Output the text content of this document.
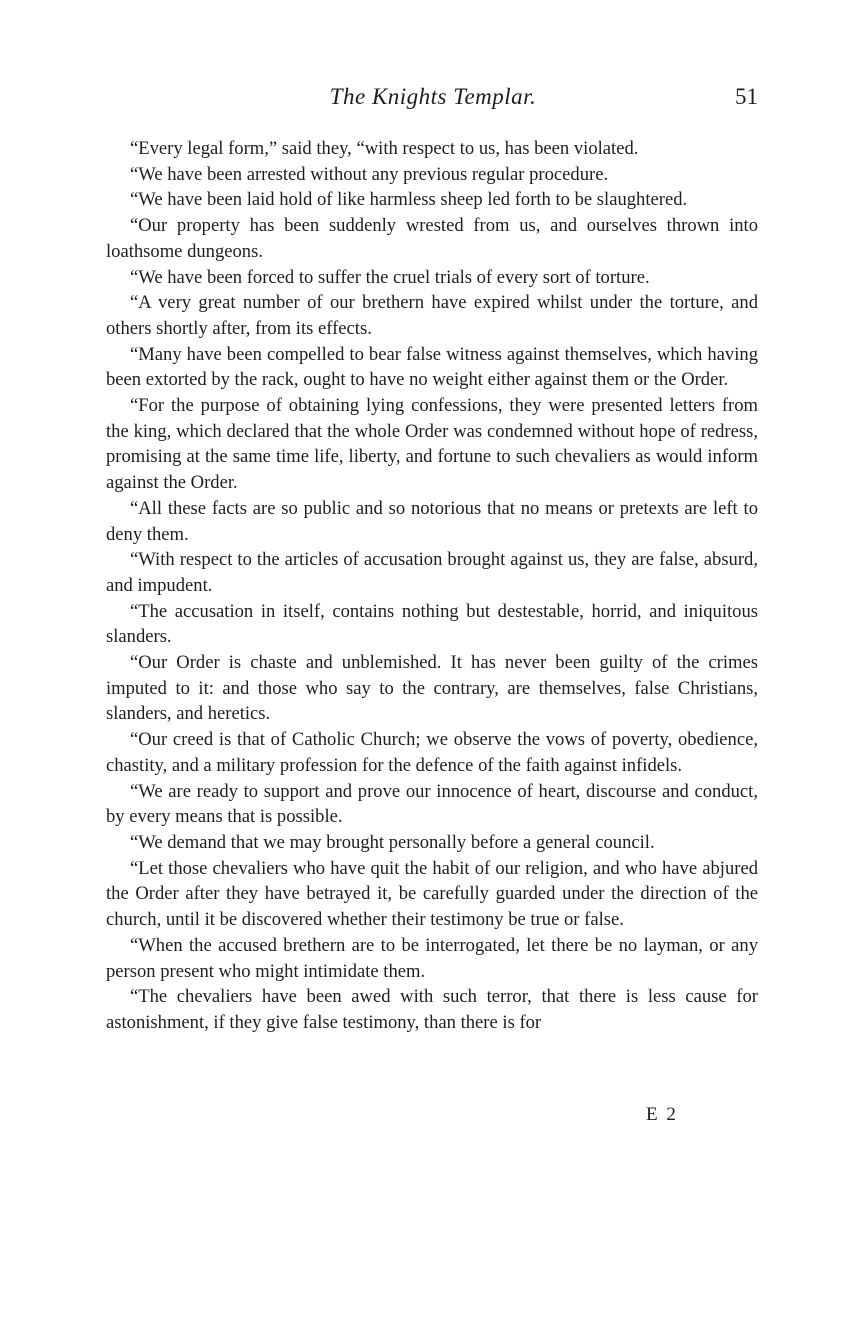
The Knights Templar.	51

“Every legal form,” said they, “with respect to us, has been violated.

“We have been arrested without any previous regular procedure.

“We have been laid hold of like harmless sheep led forth to be slaughtered.

“Our property has been suddenly wrested from us, and ourselves thrown into loathsome dungeons.

“We have been forced to suffer the cruel trials of every sort of torture.

“A very great number of our brethern have expired whilst under the torture, and others shortly after, from its effects.

“Many have been compelled to bear false witness against themselves, which having been extorted by the rack, ought to have no weight either against them or the Order.

“For the purpose of obtaining lying confessions, they were presented letters from the king, which declared that the whole Order was condemned without hope of redress, promising at the same time life, liberty, and fortune to such chevaliers as would inform against the Order.

“All these facts are so public and so notorious that no means or pretexts are left to deny them.

“With respect to the articles of accusation brought against us, they are false, absurd, and impudent.

“The accusation in itself, contains nothing but destestable, horrid, and iniquitous slanders.

“Our Order is chaste and unblemished. It has never been guilty of the crimes imputed to it: and those who say to the contrary, are themselves, false Christians, slanders, and heretics.

“Our creed is that of Catholic Church; we observe the vows of poverty, obedience, chastity, and a military profession for the defence of the faith against infidels.

“We are ready to support and prove our innocence of heart, discourse and conduct, by every means that is possible.

“We demand that we may brought personally before a general council.

“Let those chevaliers who have quit the habit of our religion, and who have abjured the Order after they have betrayed it, be carefully guarded under the direction of the church, until it be discovered whether their testimony be true or false.

“When the accused brethern are to be interrogated, let there be no layman, or any person present who might intimidate them.

“The chevaliers have been awed with such terror, that there is less cause for astonishment, if they give false testimony, than there is for

E 2
